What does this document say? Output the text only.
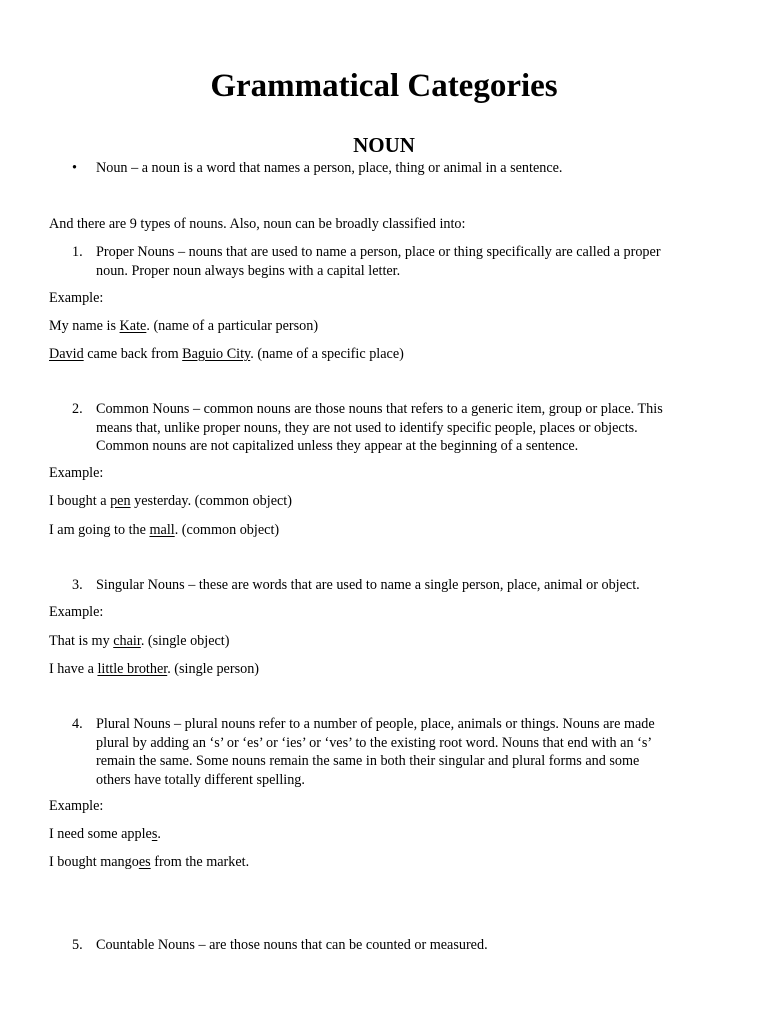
Grammatical Categories
NOUN
• Noun – a noun is a word that names a person, place, thing or animal in a sentence.

And there are 9 types of nouns. Also, noun can be broadly classified into:

1. Proper Nouns – nouns that are used to name a person, place or thing specifically are called a proper
noun. Proper noun always begins with a capital letter.

Example:

My name is Kate. (name of a particular person)

David came back from Baguio City. (name of a specific place)

2. Common Nouns – common nouns are those nouns that refers to a generic item, group or place. This
means that, unlike proper nouns, they are not used to identify specific people, places or objects.
Common nouns are not capitalized unless they appear at the beginning of a sentence.

Example:

I bought a pen yesterday. (common object)

I am going to the mall. (common object)

3. Singular Nouns – these are words that are used to name a single person, place, animal or object.

Example:

That is my chair. (single object)

I have a little brother. (single person)

4. Plural Nouns – plural nouns refer to a number of people, place, animals or things. Nouns are made
plural by adding an ‘s’ or ‘es’ or ‘ies’ or ‘ves’ to the existing root word. Nouns that end with an ‘s’
remain the same. Some nouns remain the same in both their singular and plural forms and some
others have totally different spelling.

Example:

I need some apples.

I bought mangoes from the market.

5. Countable Nouns – are those nouns that can be counted or measured.
